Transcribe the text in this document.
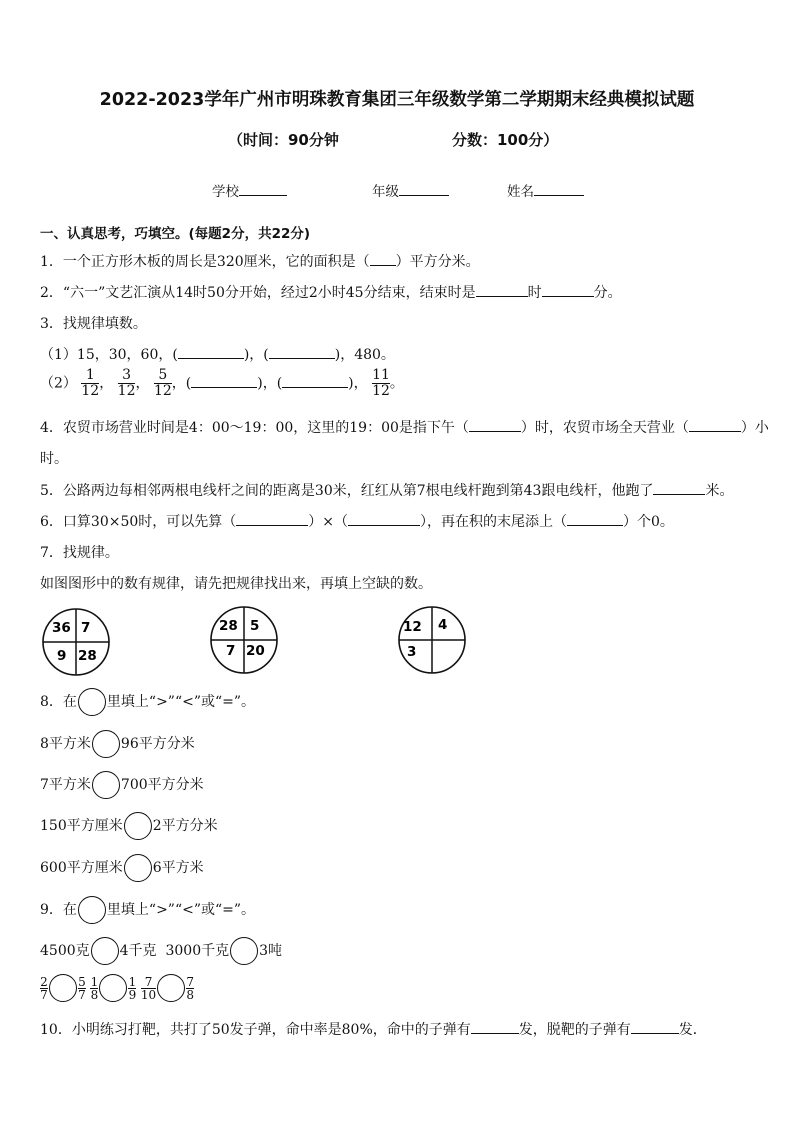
2022-2023学年广州市明珠教育集团三年级数学第二学期期末经典模拟试题
（时间：90分钟	分数：100分）
学校	年级	姓名
一、认真思考，巧填空。(每题2分，共22分)
1．一个正方形木板的周长是320厘米，它的面积是（ ）平方分米。
2．“六一”文艺汇演从14时50分开始，经过2小时45分结束，结束时是	时	分。
3．找规律填数。
（1）15，30，60，(	)，(	)，480。
$(2) \frac{1}{12}$ ， $\frac{3}{12}$ ， $\frac{5}{12}$ ，(	)，(	)， $\frac{11}{12}$ 。
4．农贸市场营业时间是4：00～19：00，这里的19：00是指下午（	）时，农贸市场全天营业（	）小
时。
5．公路两边每相邻两根电线杆之间的距离是30米，红红从第7根电线杆跑到第43跟电线杆，他跑了	米。
6．口算30×50时，可以先算（	）×（	），再在积的末尾添上（	）个0。
7．找规律。
如图图形中的数有规律，请先把规律找出来，再填上空缺的数。
36 7
9 28
28 5
7 20
12 4
3
8．在 里填上“>”“<”或“=”。
8平方米 96平方分米
7平方米 700平方分米
150平方厘米 2平方分米
600平方厘米 6平方米
9．在 里填上“>”“<”或“=”。
4500克 4千克 3000千克 3吨
$\frac{2}{7}$	$\frac{5}{7}$
$\frac{1}{8}$	$\frac{1}{9}$
$\frac{7}{10}$	$\frac{7}{8}$
10．小明练习打靶，共打了50发子弹，命中率是80%，命中的子弹有	发，脱靶的子弹有	发．
